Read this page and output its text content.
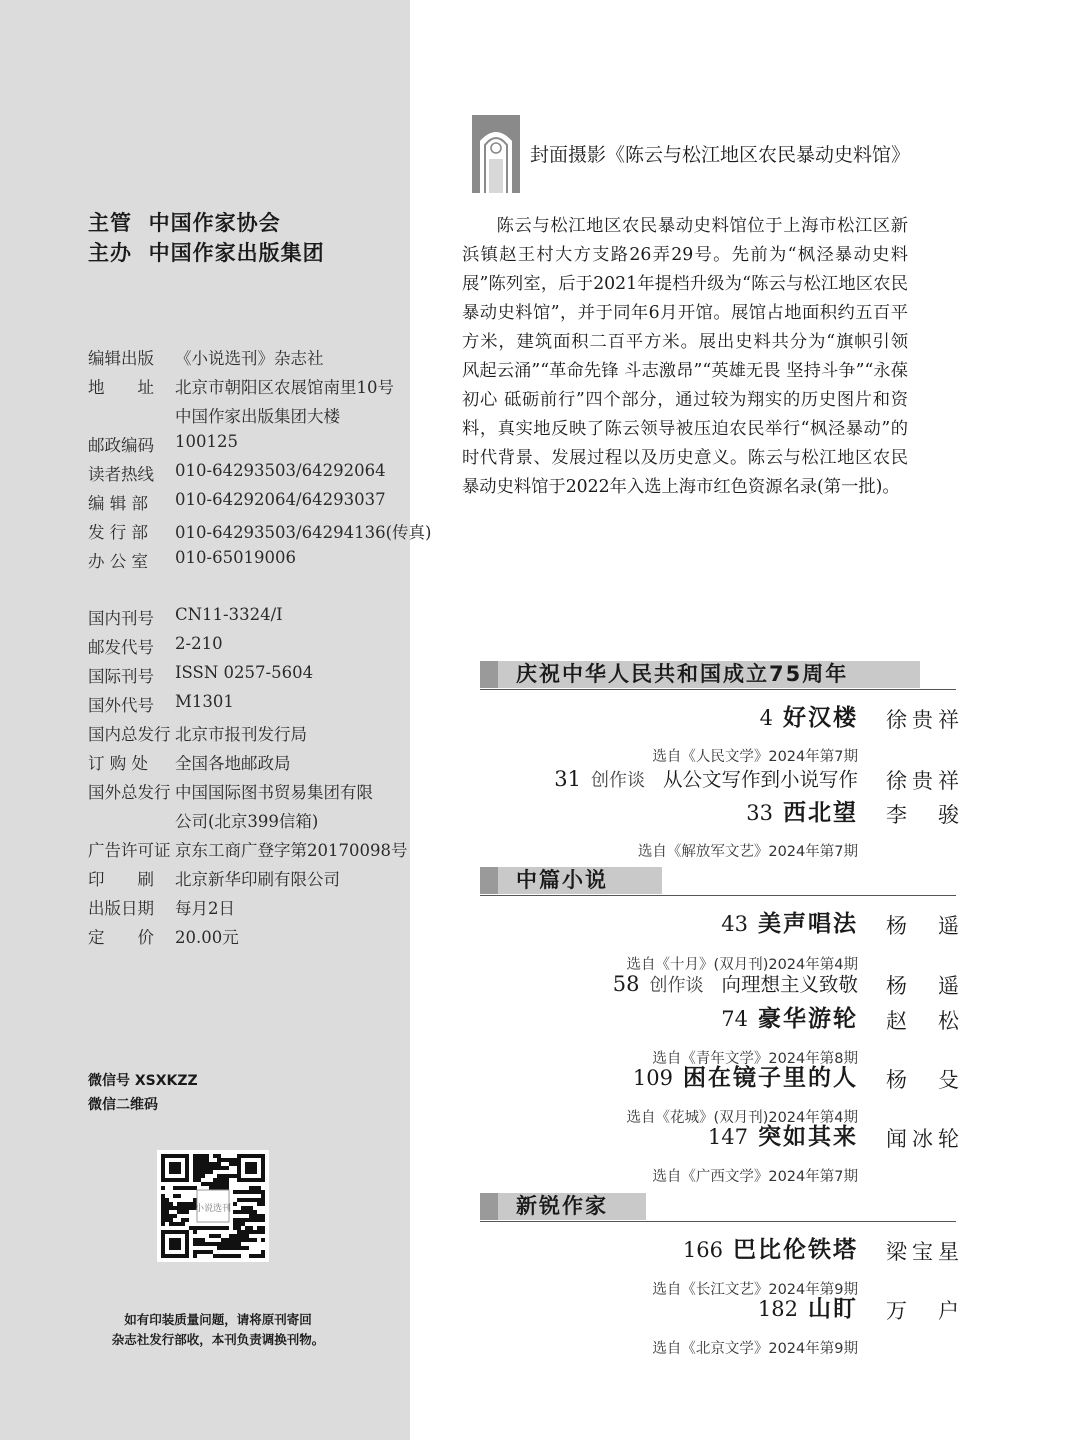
主管 中国作家协会
主办 中国作家出版集团
编辑出版	《小说选刊》杂志社
地　　址	北京市朝阳区农展馆南里10号
中国作家出版集团大楼
邮政编码	100125
读者热线	010-64293503/64292064
编 辑 部	010-64292064/64293037
发 行 部	010-64293503/64294136(传真)
办 公 室	010-65019006
国内刊号	CN11-3324/I
邮发代号	2-210
国际刊号	ISSN 0257-5604
国外代号	M1301
国内总发行 北京市报刊发行局
订 购 处	全国各地邮政局
国外总发行 中国国际图书贸易集团有限
公司(北京399信箱)
广告许可证 京东工商广登字第20170098号
印　　刷	北京新华印刷有限公司
出版日期	每月2日
定　　价	20.00元
微信号 XSXKZZ
微信二维码
小说选刊
如有印装质量问题，请将原刊寄回
杂志社发行部收，本刊负责调换刊物。
封面摄影《陈云与松江地区农民暴动史料馆》

陈云与松江地区农民暴动史料馆位于上海市松江区新浜镇赵王村大方支路26弄29号。先前为“枫泾暴动史料展”陈列室，后于2021年提档升级为“陈云与松江地区农民暴动史料馆”，并于同年6月开馆。展馆占地面积约五百平方米，建筑面积二百平方米。展出史料共分为“旗帜引领 风起云涌”“革命先锋 斗志激昂”“英雄无畏 坚持斗争”“永葆初心 砥砺前行”四个部分，通过较为翔实的历史图片和资料，真实地反映了陈云领导被压迫农民举行“枫泾暴动”的时代背景、发展过程以及历史意义。陈云与松江地区农民暴动史料馆于2022年入选上海市红色资源名录(第一批)。

庆祝中华人民共和国成立75周年
4 好汉楼 徐贵祥
选自《人民文学》2024年第7期
31 创作谈 从公文写作到小说写作 徐贵祥
33 西北望 李　骏
选自《解放军文艺》2024年第7期
中篇小说
43 美声唱法 杨　遥
选自《十月》(双月刊)2024年第4期
58 创作谈 向理想主义致敬 杨　遥
74 豪华游轮 赵　松
选自《青年文学》2024年第8期
109 困在镜子里的人 杨　殳
选自《花城》(双月刊)2024年第4期
147 突如其来 闻冰轮
选自《广西文学》2024年第7期
新锐作家
166 巴比伦铁塔 梁宝星
选自《长江文艺》2024年第9期
182 山盯 万　户
选自《北京文学》2024年第9期
